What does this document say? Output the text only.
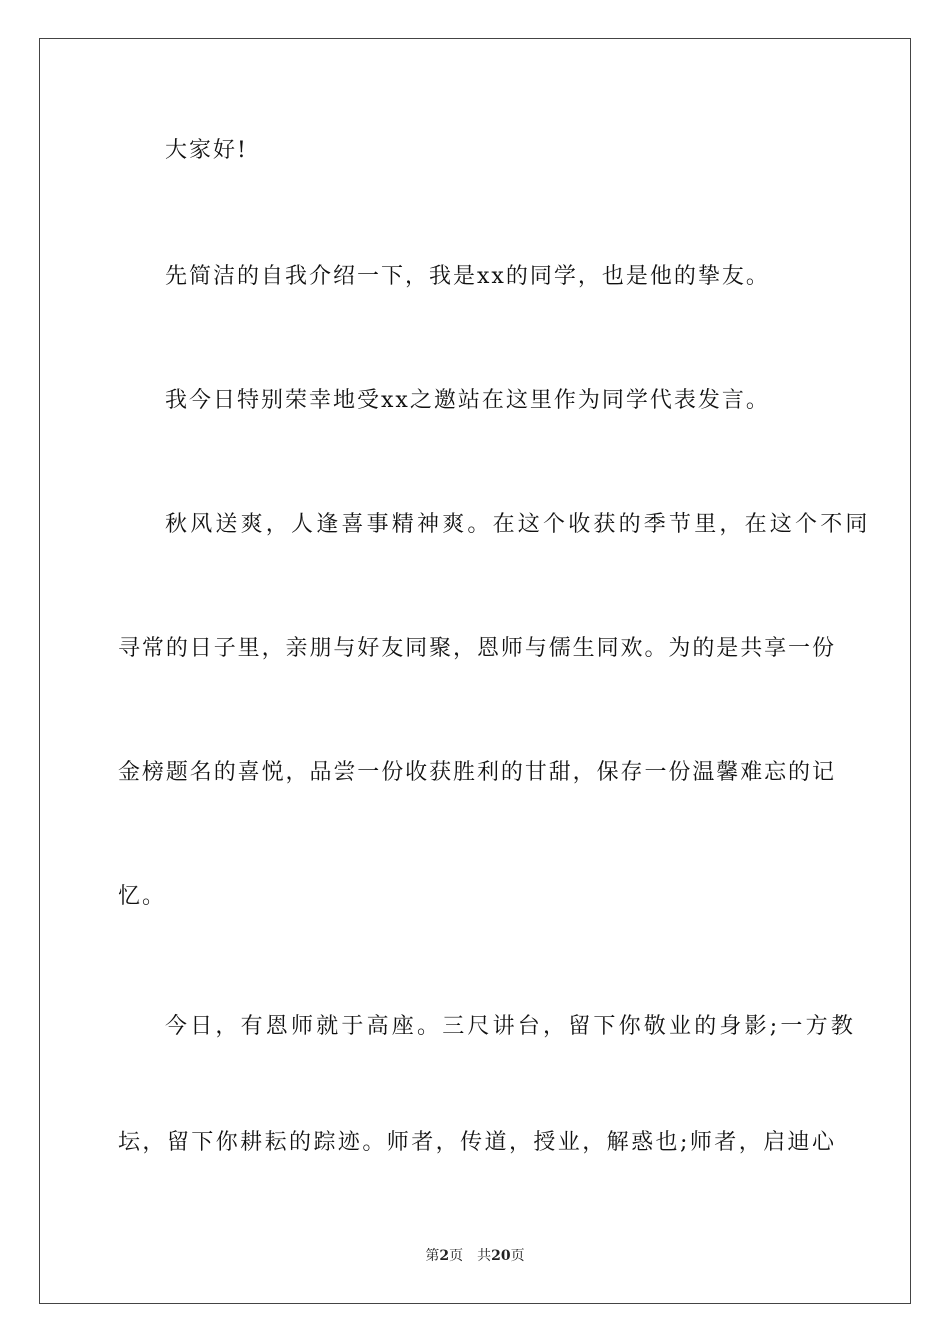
大家好!
先简洁的自我介绍一下，我是xx的同学，也是他的挚友。
我今日特别荣幸地受xx之邀站在这里作为同学代表发言。
秋风送爽，人逢喜事精神爽。在这个收获的季节里，在这个不同
寻常的日子里，亲朋与好友同聚，恩师与儒生同欢。为的是共享一份
金榜题名的喜悦，品尝一份收获胜利的甘甜，保存一份温馨难忘的记
忆。
今日，有恩师就于高座。三尺讲台，留下你敬业的身影;一方教
坛，留下你耕耘的踪迹。师者，传道，授业，解惑也;师者，启迪心
第2页 共20页
